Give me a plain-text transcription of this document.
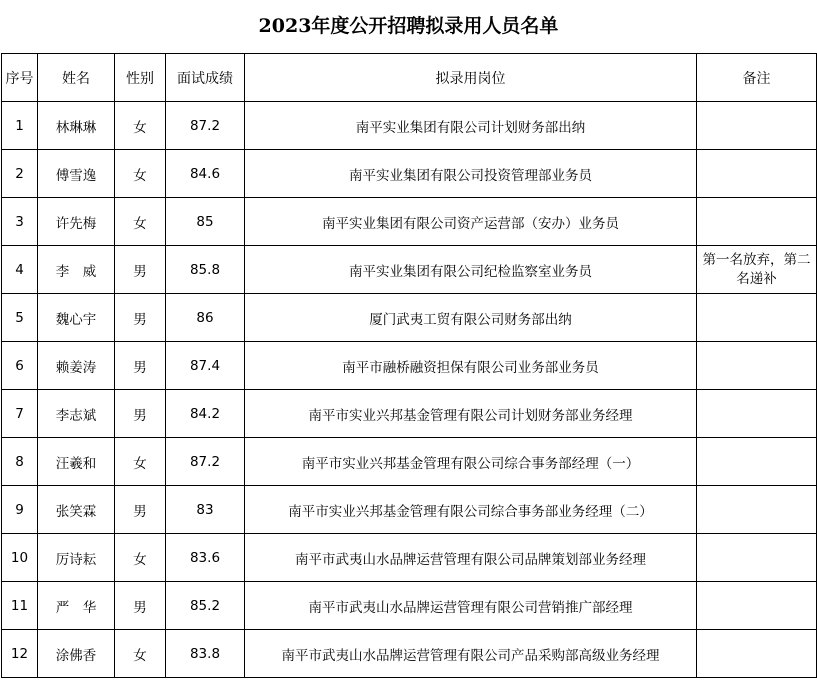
2023年度公开招聘拟录用人员名单
序号	姓名	性别	面试成绩	拟录用岗位	备注
1	林琳琳	女	87.2	南平实业集团有限公司计划财务部出纳	
2	傅雪逸	女	84.6	南平实业集团有限公司投资管理部业务员	
3	许先梅	女	85	南平实业集团有限公司资产运营部（安办）业务员	
4	李　威	男	85.8	南平实业集团有限公司纪检监察室业务员	第一名放弃，第二名递补
5	魏心宇	男	86	厦门武夷工贸有限公司财务部出纳	
6	赖姜涛	男	87.4	南平市融桥融资担保有限公司业务部业务员	
7	李志斌	男	84.2	南平市实业兴邦基金管理有限公司计划财务部业务经理	
8	汪羲和	女	87.2	南平市实业兴邦基金管理有限公司综合事务部经理（一）	
9	张笑霖	男	83	南平市实业兴邦基金管理有限公司综合事务部业务经理（二）	
10	厉诗耘	女	83.6	南平市武夷山水品牌运营管理有限公司品牌策划部业务经理	
11	严　华	男	85.2	南平市武夷山水品牌运营管理有限公司营销推广部经理	
12	涂佛香	女	83.8	南平市武夷山水品牌运营管理有限公司产品采购部高级业务经理	
